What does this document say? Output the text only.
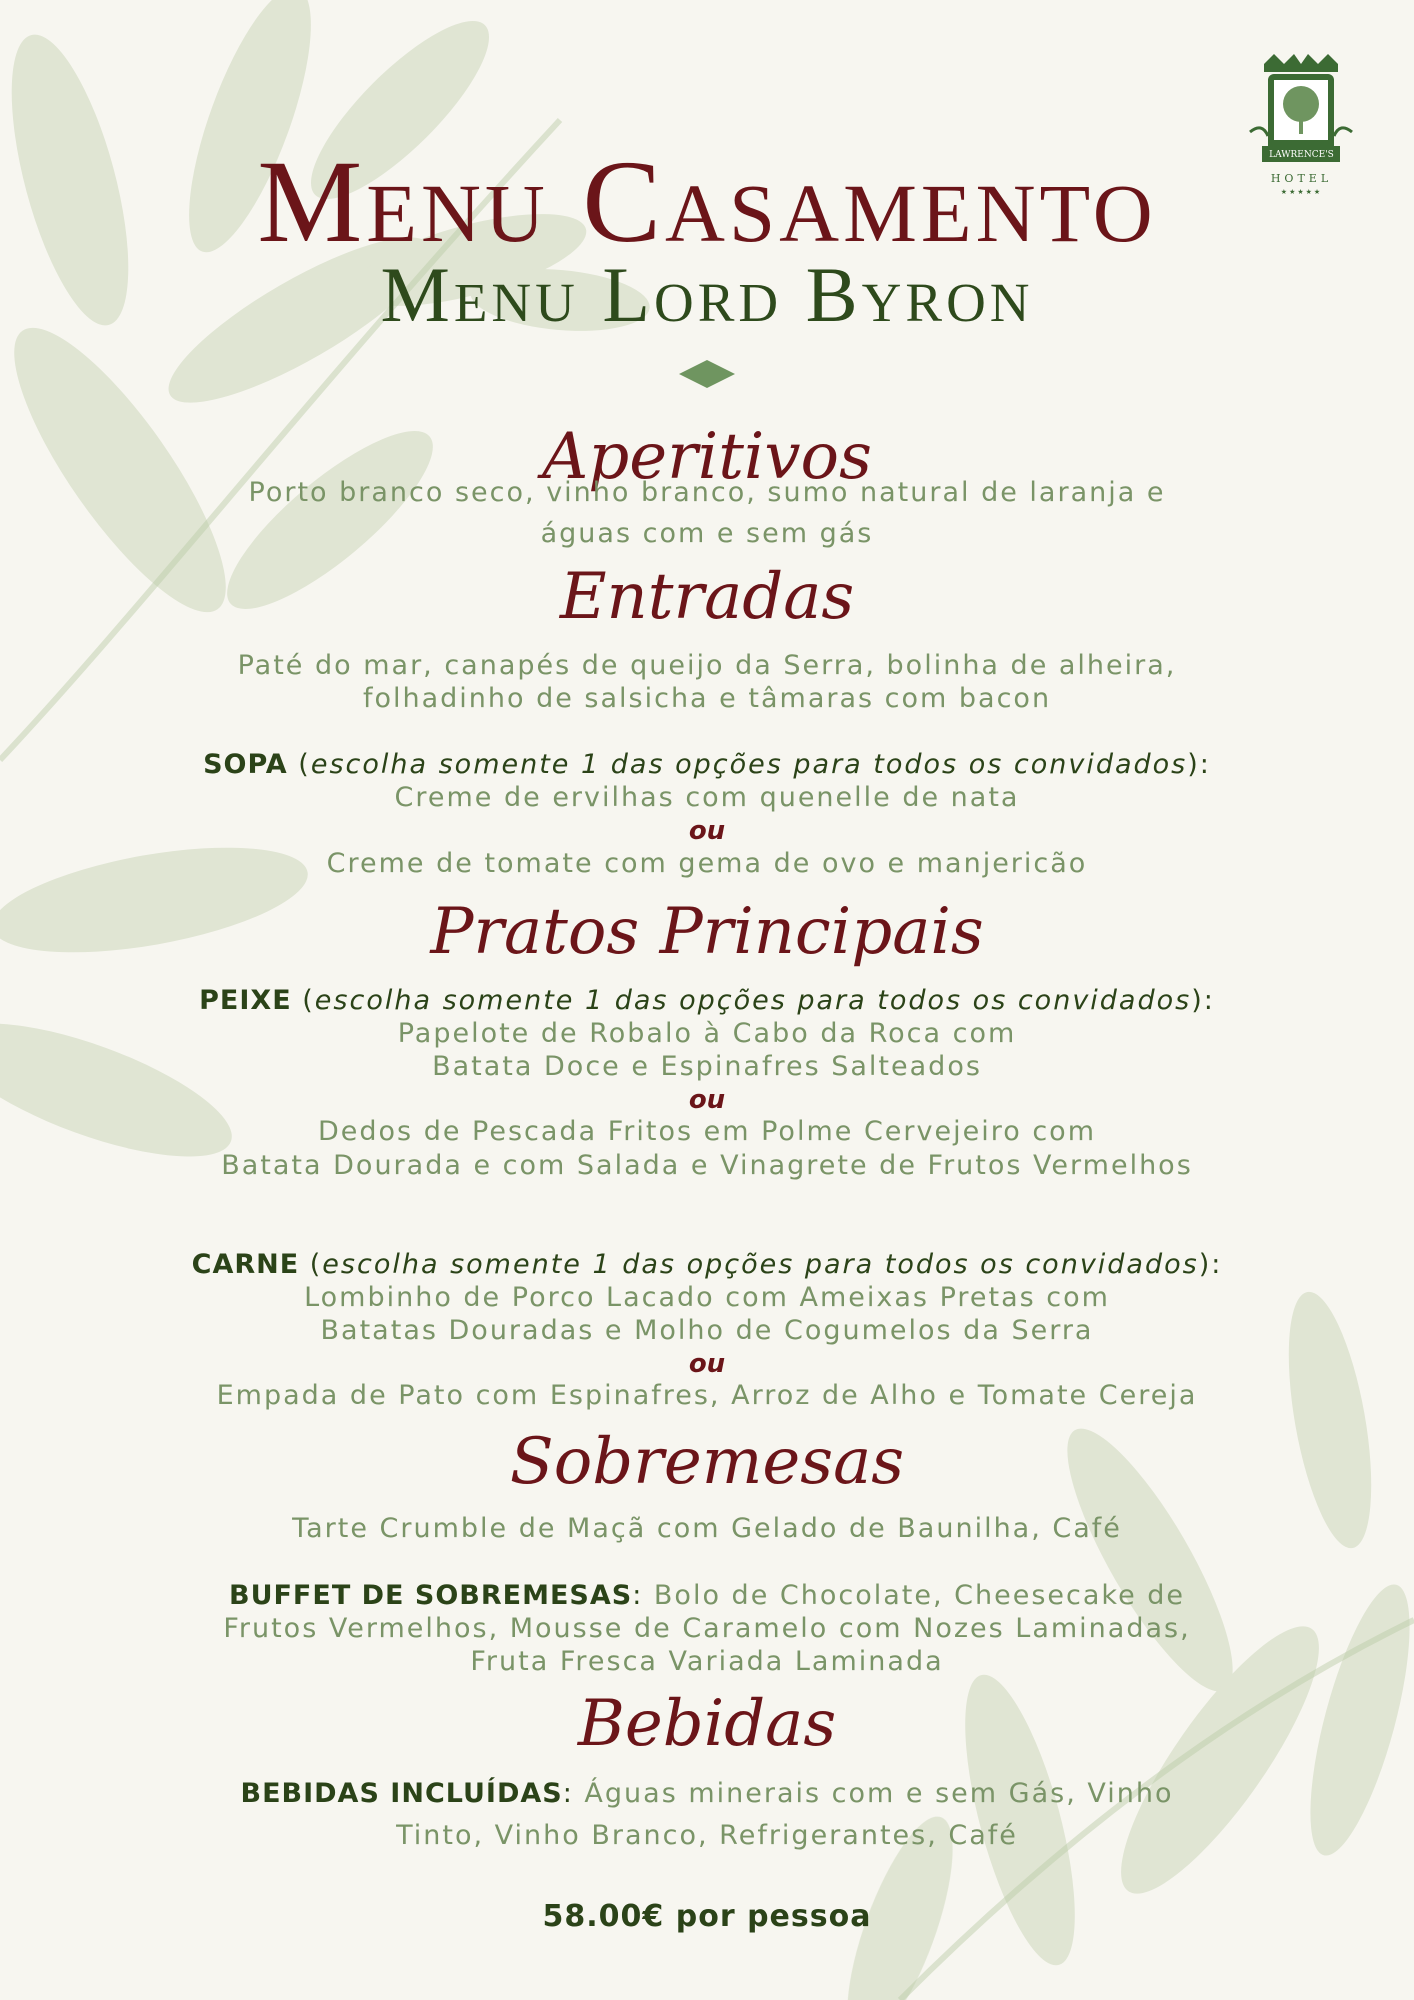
LAWRENCE'S
HOTEL
★★★★★
Menu Casamento
Menu Lord Byron
Aperitivos
Porto branco seco, vinho branco, sumo natural de laranja e
águas com e sem gás
Entradas
Paté do mar, canapés de queijo da Serra, bolinha de alheira,
folhadinho de salsicha e tâmaras com bacon
SOPA (escolha somente 1 das opções para todos os convidados):
Creme de ervilhas com quenelle de nata
ou
Creme de tomate com gema de ovo e manjericão
Pratos Principais
PEIXE (escolha somente 1 das opções para todos os convidados):
Papelote de Robalo à Cabo da Roca com
Batata Doce e Espinafres Salteados
ou
Dedos de Pescada Fritos em Polme Cervejeiro com
Batata Dourada e com Salada e Vinagrete de Frutos Vermelhos
CARNE (escolha somente 1 das opções para todos os convidados):
Lombinho de Porco Lacado com Ameixas Pretas com
Batatas Douradas e Molho de Cogumelos da Serra
ou
Empada de Pato com Espinafres, Arroz de Alho e Tomate Cereja
Sobremesas
Tarte Crumble de Maçã com Gelado de Baunilha, Café
BUFFET DE SOBREMESAS: Bolo de Chocolate, Cheesecake de
Frutos Vermelhos, Mousse de Caramelo com Nozes Laminadas,
Fruta Fresca Variada Laminada
Bebidas
BEBIDAS INCLUÍDAS: Águas minerais com e sem Gás, Vinho
Tinto, Vinho Branco, Refrigerantes, Café
58.00€ por pessoa
